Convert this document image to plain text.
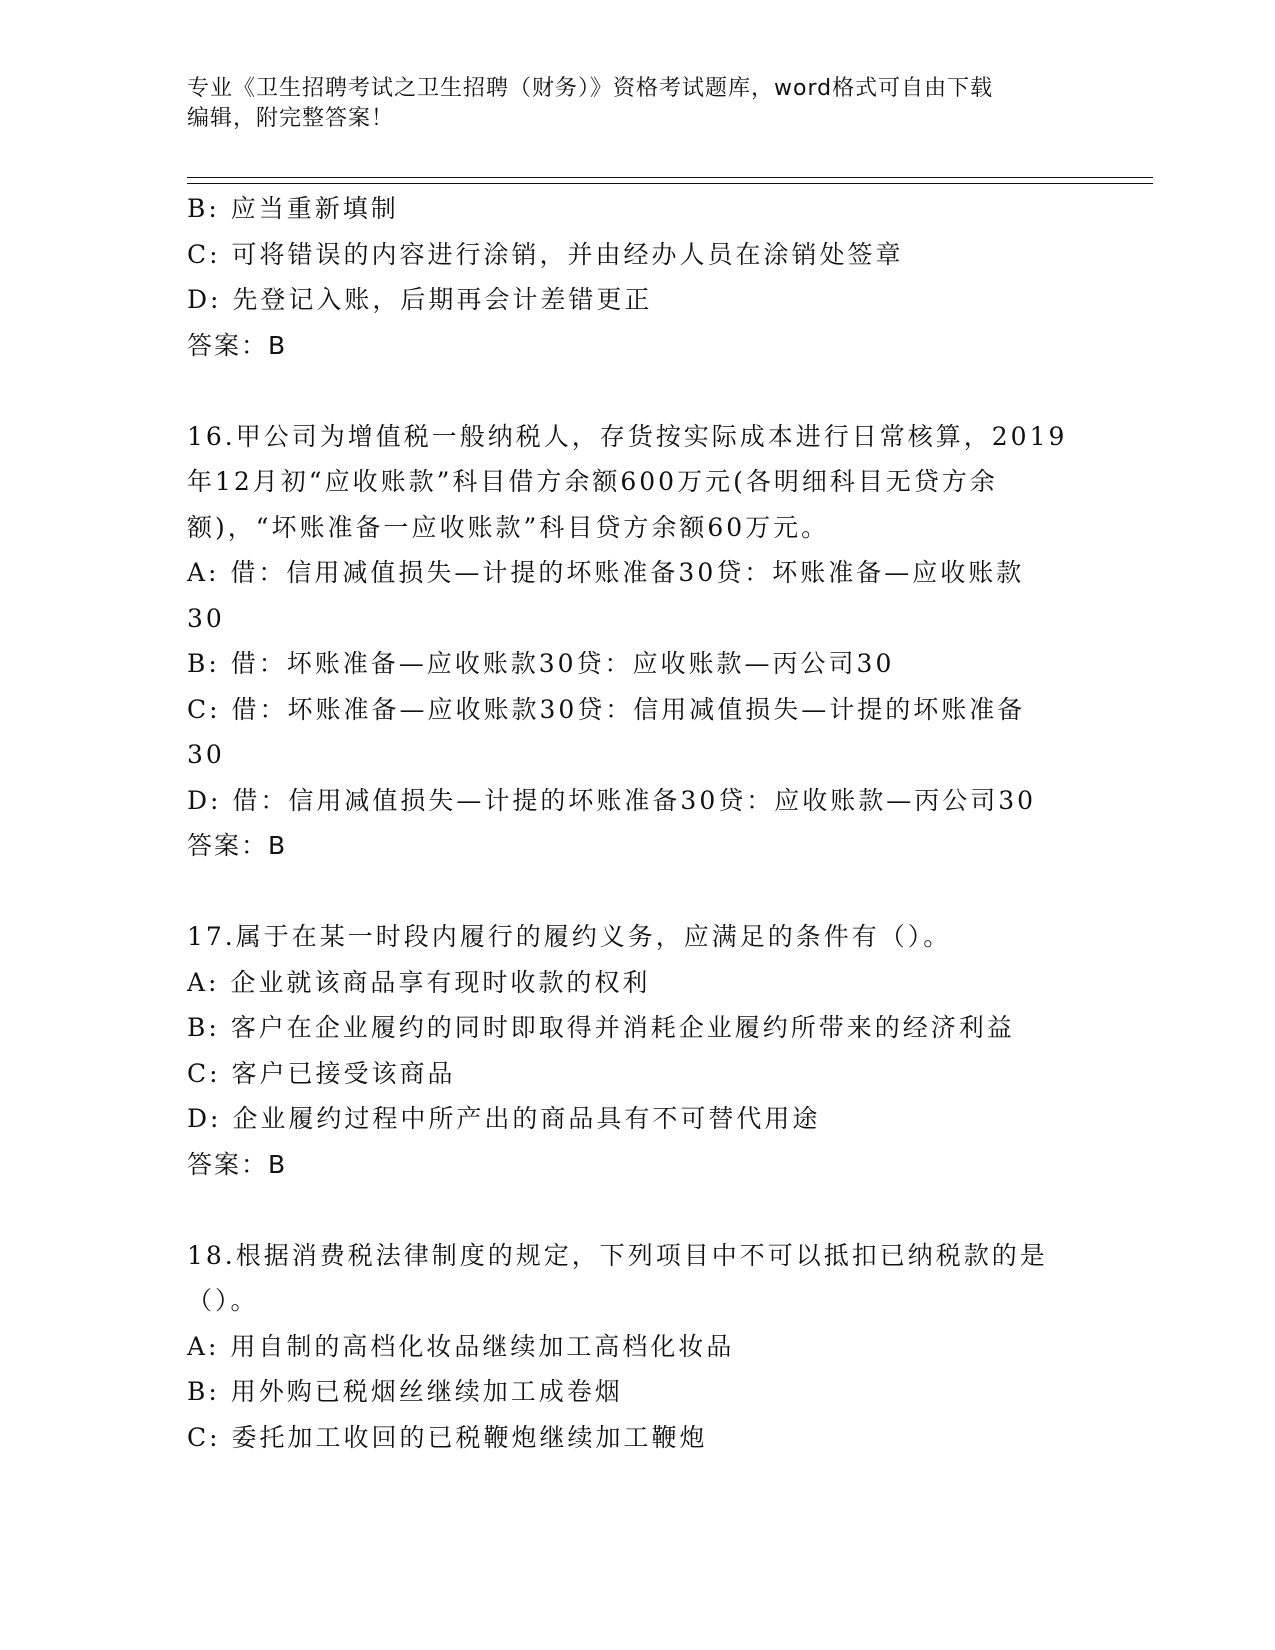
专业《卫生招聘考试之卫生招聘（财务）》资格考试题库，word格式可自由下载
编辑，附完整答案！
B: 应当重新填制
C: 可将错误的内容进行涂销，并由经办人员在涂销处签章
D: 先登记入账，后期再会计差错更正
答案：B
16.甲公司为增值税一般纳税人，存货按实际成本进行日常核算，2019
年12月初“应收账款”科目借方余额600万元(各明细科目无贷方余
额)，“坏账准备一应收账款”科目贷方余额60万元。
A: 借：信用减值损失—计提的坏账准备30贷：坏账准备—应收账款
30
B: 借：坏账准备—应收账款30贷：应收账款—丙公司30
C: 借：坏账准备—应收账款30贷：信用减值损失—计提的坏账准备
30
D: 借：信用减值损失—计提的坏账准备30贷：应收账款—丙公司30
答案：B
17.属于在某一时段内履行的履约义务，应满足的条件有（）。
A: 企业就该商品享有现时收款的权利
B: 客户在企业履约的同时即取得并消耗企业履约所带来的经济利益
C: 客户已接受该商品
D: 企业履约过程中所产出的商品具有不可替代用途
答案：B
18.根据消费税法律制度的规定，下列项目中不可以抵扣已纳税款的是
（）。
A: 用自制的高档化妆品继续加工高档化妆品
B: 用外购已税烟丝继续加工成卷烟
C: 委托加工收回的已税鞭炮继续加工鞭炮
